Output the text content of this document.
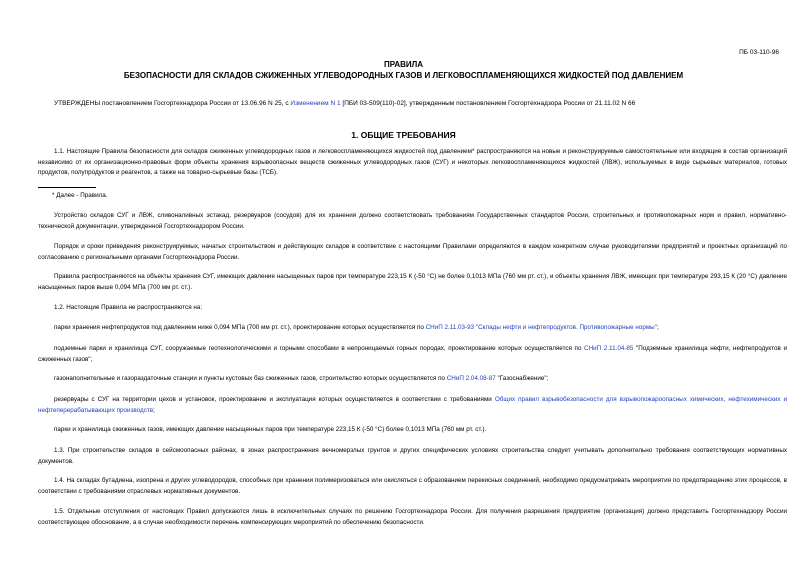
ПБ 03-110-96
ПРАВИЛА
БЕЗОПАСНОСТИ ДЛЯ СКЛАДОВ СЖИЖЕННЫХ УГЛЕВОДОРОДНЫХ ГАЗОВ И ЛЕГКОВОСПЛАМЕНЯЮЩИХСЯ ЖИДКОСТЕЙ ПОД ДАВЛЕНИЕМ
УТВЕРЖДЕНЫ постановлением Госгортехнадзора России от 13.06.96 N 25, с Изменением N 1 [ПБИ 03-509(110)-02], утвержденным постановлением Госгортехнадзора России от 21.11.02 N 66
1. ОБЩИЕ ТРЕБОВАНИЯ
1.1. Настоящие Правила безопасности для складов сжиженных углеводородных газов и легковоспламеняющихся жидкостей под давлением* распространяются на новые и реконструируемые самостоятельные или входящие в состав организаций независимо от их организационно-правовых форм объекты хранения взрывоопасных веществ сжиженных углеводородных газов (СУГ) и некоторых легковоспламеняющихся жидкостей (ЛВЖ), используемых в виде сырьевых материалов, готовых продуктов, полупродуктов и реагентов, а также на товарно-сырьевые базы (ТСБ).
* Далее - Правила.
Устройство складов СУГ и ЛВЖ, сливоналивных эстакад, резервуаров (сосудов) для их хранения должно соответствовать требованиям Государственных стандартов России, строительных и противопожарных норм и правил, нормативно-технической документации, утвержденной Госгортехнадзором России.
Порядок и сроки приведения реконструируемых, начатых строительством и действующих складов в соответствие с настоящими Правилами определяются в каждом конкретном случае руководителями предприятий и проектных организаций по согласованию с региональными органами Госгортехнадзора России.
Правила распространяются на объекты хранения СУГ, имеющих давление насыщенных паров при температуре 223,15 К (-50 °С) не более 0,1013 МПа (760 мм рт. ст.), и объекты хранения ЛВЖ, имеющих при температуре 293,15 К (20 °С) давление насыщенных паров выше 0,094 МПа (700 мм рт. ст.).
1.2. Настоящие Правила не распространяются на:
парки хранения нефтепродуктов под давлением ниже 0,094 МПа (700 мм рт. ст.), проектирование которых осуществляется по СНиП 2.11.03-93 "Склады нефти и нефтепродуктов. Противопожарные нормы";
подземные парки и хранилища СУГ, сооружаемые геотехнологическими и горными способами в непроницаемых горных породах, проектирование которых осуществляется по СНиП 2.11.04-85 "Подземные хранилища нефти, нефтепродуктов и сжиженных газов";
газонаполнительные и газораздаточные станции и пункты кустовых баз сжиженных газов, строительство которых осуществляется по СНиП 2.04.08-87 "Газоснабжение";
резервуары с СУГ на территории цехов и установок, проектирование и эксплуатация которых осуществляется в соответствии с требованиями Общих правил взрывобезопасности для взрывопожароопасных химических, нефтехимических и нефтеперерабатывающих производств;
парки и хранилища сжиженных газов, имеющих давление насыщенных паров при температуре 223,15 К (-50 °С) более 0,1013 МПа (760 мм рт. ст.).
1.3. При строительстве складов в сейсмоопасных районах, в зонах распространения вечномерзлых грунтов и других специфических условиях строительства следует учитывать дополнительно требования соответствующих нормативных документов.
1.4. На складах бутадиена, изопрена и других углеводородов, способных при хранении полимеризоваться или окисляться с образованием перекисных соединений, необходимо предусматривать мероприятия по предотвращению этих процессов, в соответствии с требованиями отраслевых нормативных документов.
1.5. Отдельные отступления от настоящих Правил допускаются лишь в исключительных случаях по решению Госгортехнадзора России. Для получения разрешения предприятие (организация) должно представить Госгортехнадзору России соответствующее обоснование, а в случае необходимости перечень компенсирующих мероприятий по обеспечению безопасности.
